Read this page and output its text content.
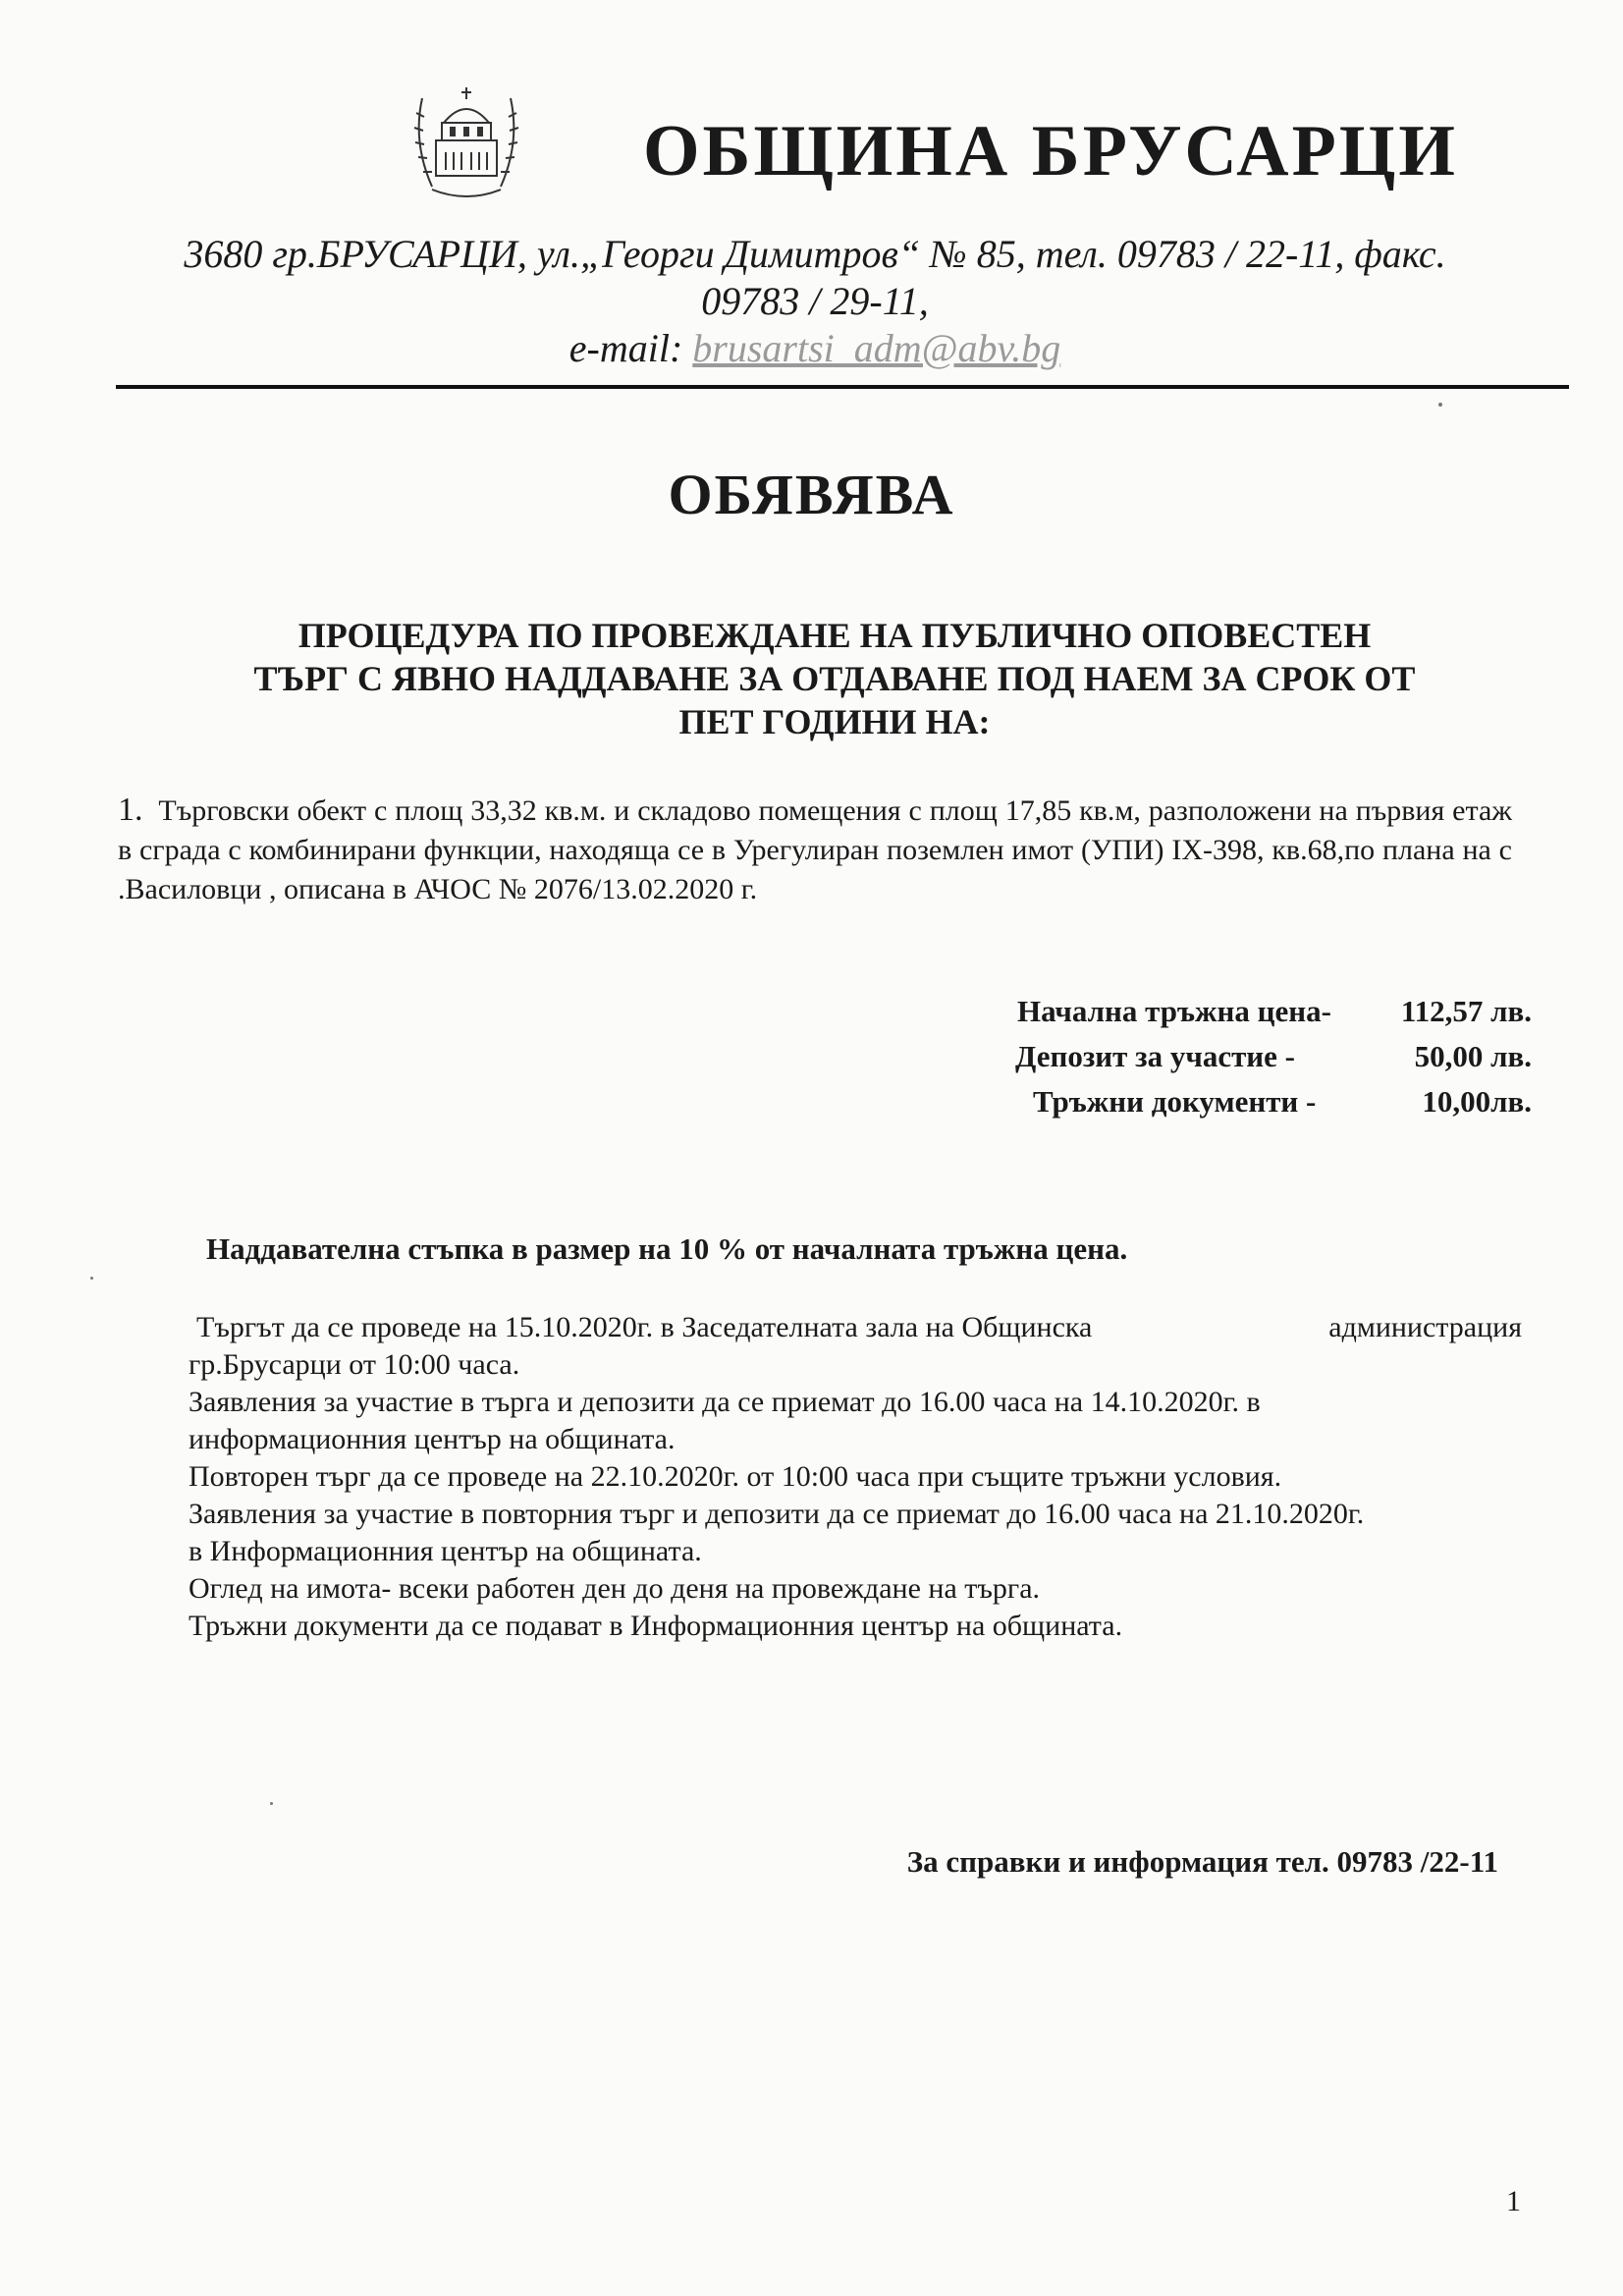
ОБЩИНА БРУСАРЦИ
3680 гр.БРУСАРЦИ, ул.„Георги Димитров“ № 85, тел. 09783 / 22-11, факс.
09783 / 29-11,
e-mail: brusartsi_adm@abv.bg
ОБЯВЯВА
ПРОЦЕДУРА ПО ПРОВЕЖДАНЕ НА ПУБЛИЧНО ОПОВЕСТЕН
ТЪРГ С ЯВНО НАДДАВАНЕ ЗА ОТДАВАНЕ ПОД НАЕМ ЗА СРОК ОТ
ПЕТ ГОДИНИ НА:
1. Търговски обект с площ 33,32 кв.м. и складово помещения с площ 17,85 кв.м, разположени на първия етаж в сграда с комбинирани функции, находяща се в Урегулиран поземлен имот (УПИ) IХ-398, кв.68,по плана на с .Василовци , описана в АЧОС № 2076/13.02.2020 г.
Начална тръжна цена- 112,57 лв.
Депозит за участие -	50,00 лв.
Тръжни документи -	10,00лв.
Наддавателна стъпка в размер на 10 % от началната тръжна цена.
Търгът да се проведе на 15.10.2020г. в Заседателната зала на Общинска	администрация
гр.Брусарци от 10:00 часа.
Заявления за участие в търга и депозити да се приемат до 16.00 часа на 14.10.2020г. в
информационния център на общината.
Повторен търг да се проведе на 22.10.2020г. от 10:00 часа при същите тръжни условия.
Заявления за участие в повторния търг и депозити да се приемат до 16.00 часа на 21.10.2020г.
в Информационния център на общината.
Оглед на имота- всеки работен ден до деня на провеждане на търга.
Тръжни документи да се подават в Информационния център на общината.
За справки и информация тел. 09783 /22-11
1
